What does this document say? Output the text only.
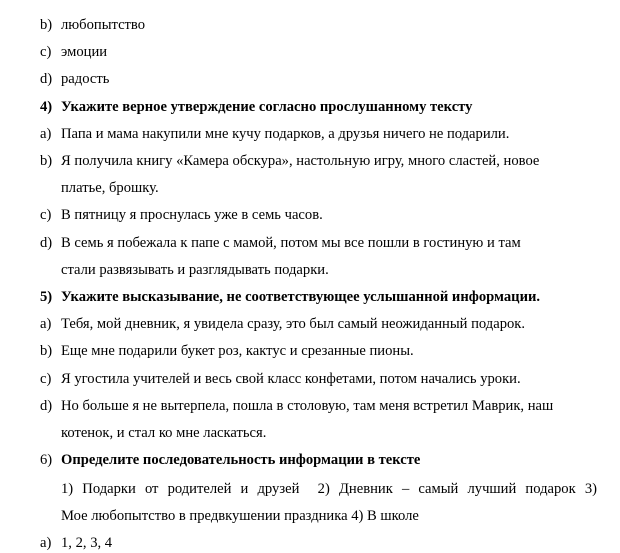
b) любопытство
c) эмоции
d) радость
4) Укажите верное утверждение согласно прослушанному тексту
a) Папа и мама накупили мне кучу подарков, а друзья ничего не подарили.
b) Я получила книгу «Камера обскура», настольную игру, много сластей, новое
платье, брошку.
c) В пятницу я проснулась уже в семь часов.
d) В семь я побежала к папе с мамой, потом мы все пошли в гостиную и там
стали развязывать и разглядывать подарки.
5) Укажите высказывание, не соответствующее услышанной информации.
a) Тебя, мой дневник, я увидела сразу, это был самый неожиданный подарок.
b) Еще мне подарили букет роз, кактус и срезанные пионы.
c) Я угостила учителей и весь свой класс конфетами, потом начались уроки.
d) Но больше я не вытерпела, пошла в столовую, там меня встретил Маврик, наш
котенок, и стал ко мне ласкаться.
6) Определите последовательность информации в тексте
1) Подарки от родителей и друзей  2) Дневник – самый лучший подарок 3)
Мое любопытство в предвкушении праздника 4) В школе
a) 1, 2, 3, 4
